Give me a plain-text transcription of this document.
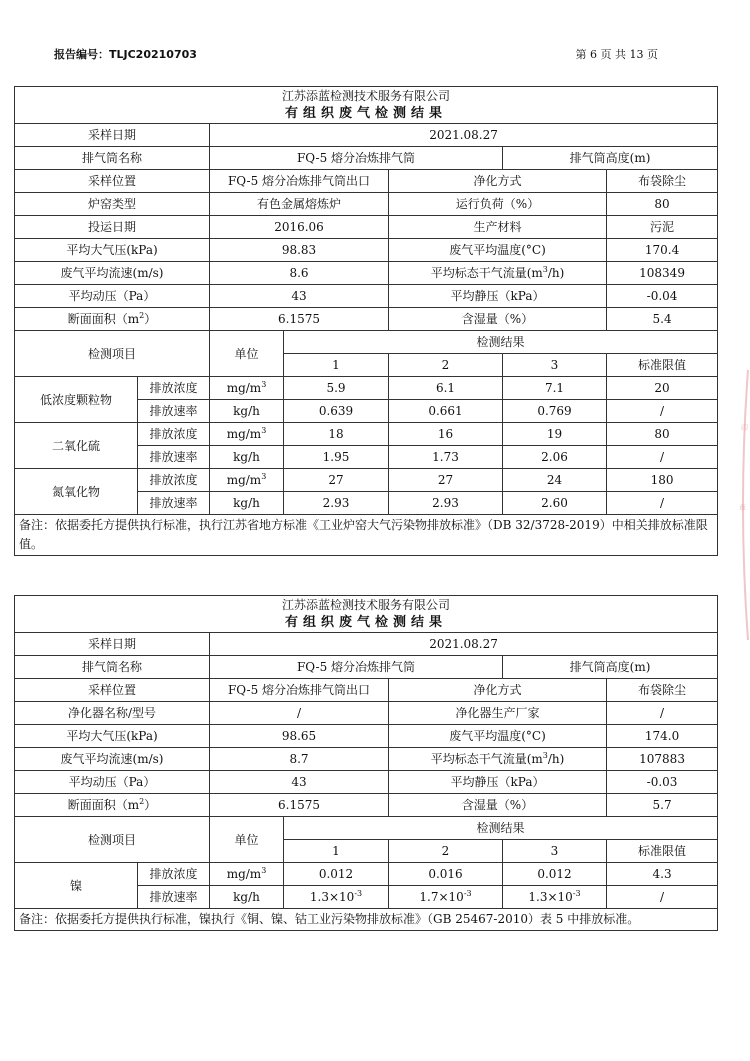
报告编号：TLJC20210703	第 6 页 共 13 页
江苏添蓝检测技术服务有限公司
有组织废气检测结果							

采样日期		2021.08.27					
排气筒名称		FQ-5 熔分冶炼排气筒			排气筒高度(m)	
采样位置		FQ-5 熔分冶炼排气筒出口		净化方式		布袋除尘	
炉窑类型		有色金属熔炼炉		运行负荷（%）		80	
投运日期		2016.06		生产材料		污泥	
平均大气压(kPa)		98.83		废气平均温度(°C)		170.4	
废气平均流速(m/s)		8.6		平均标态干气流量$(m^3/h)$		108349	
平均动压（Pa）		43		平均静压（kPa）		-0.04	
断面面积$(m^2)$		6.1575		含湿量（%）		5.4	
检测项目		单位	检测结果				
			1	2	3	标准限值	
低浓度颗粒物	排放浓度	$mg/m^3$	5.9	6.1	7.1	20	
	排放速率	kg/h	0.639	0.661	0.769	/	
二氧化硫	排放浓度	$mg/m^3$	18	16	19	80	
	排放速率	kg/h	1.95	1.73	2.06	/	
氮氧化物	排放浓度	$mg/m^3$	27	27	24	180	
	排放速率	kg/h	2.93	2.93	2.60	/	
备注：依据委托方提供执行标准，执行江苏省地方标准《工业炉窑大气污染物排放标准》（DB 32/3728-2019）中相关排放标准限值。							
江苏添蓝检测技术服务有限公司
有组织废气检测结果							

采样日期		2021.08.27					
排气筒名称		FQ-5 熔分冶炼排气筒			排气筒高度(m)	
采样位置		FQ-5 熔分冶炼排气筒出口		净化方式		布袋除尘	
净化器名称/型号		/		净化器生产厂家		/	
平均大气压(kPa)		98.65		废气平均温度(°C)		174.0	
废气平均流速(m/s)		8.7		平均标态干气流量$(m^3/h)$		107883	
平均动压（Pa）		43		平均静压（kPa）		-0.03	
断面面积$(m^2)$		6.1575		含湿量（%）		5.7	
检测项目		单位	检测结果				
			1	2	3	标准限值	
镍	排放浓度	$mg/m^3$	0.012	0.016	0.012	4.3	
	排放速率	kg/h	$1.3\times 10^{-3}$	$1.7\times 10^{-3}$	$1.3\times 10^{-3}$	/	
备注：依据委托方提供执行标准，镍执行《铜、镍、钴工业污染物排放标准》（GB 25467-2010）表 5 中排放标准。							
印
章
